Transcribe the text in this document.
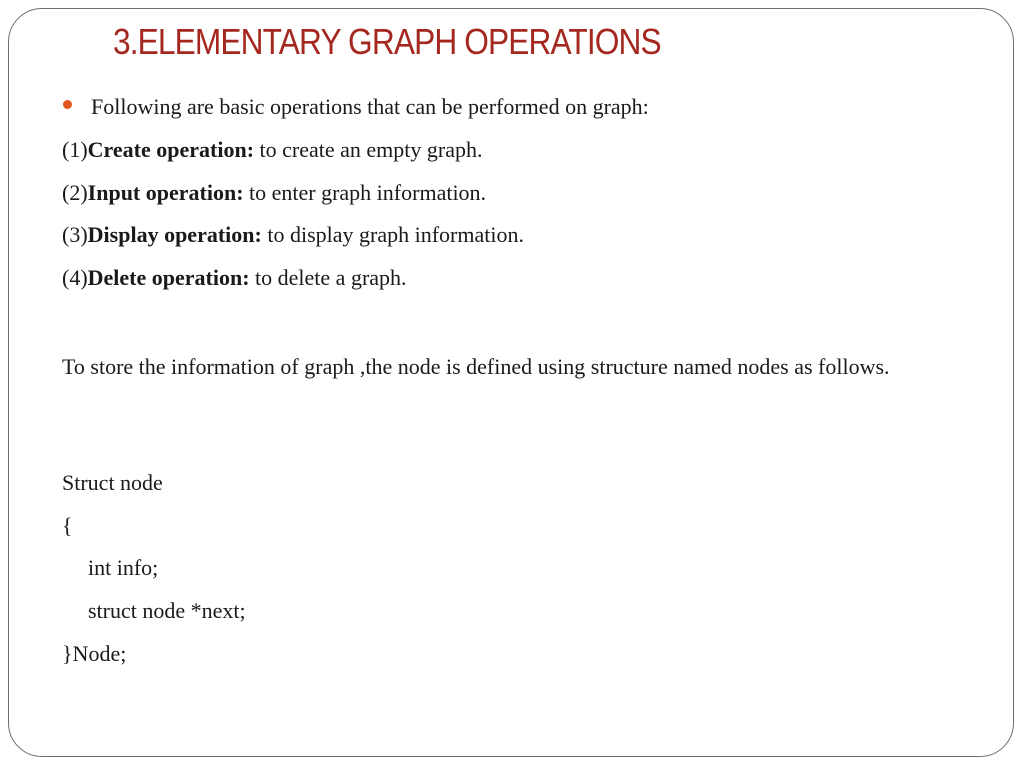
3.ELEMENTARY GRAPH OPERATIONS
Following are basic operations that can be performed on graph:
(1)Create operation: to create an empty graph.
(2)Input operation: to enter graph information.
(3)Display operation: to display graph information.
(4)Delete operation: to delete a graph.
To store the information of graph ,the node is defined using structure named nodes as follows.
Struct node
{
int info;
struct node *next;
}Node;
